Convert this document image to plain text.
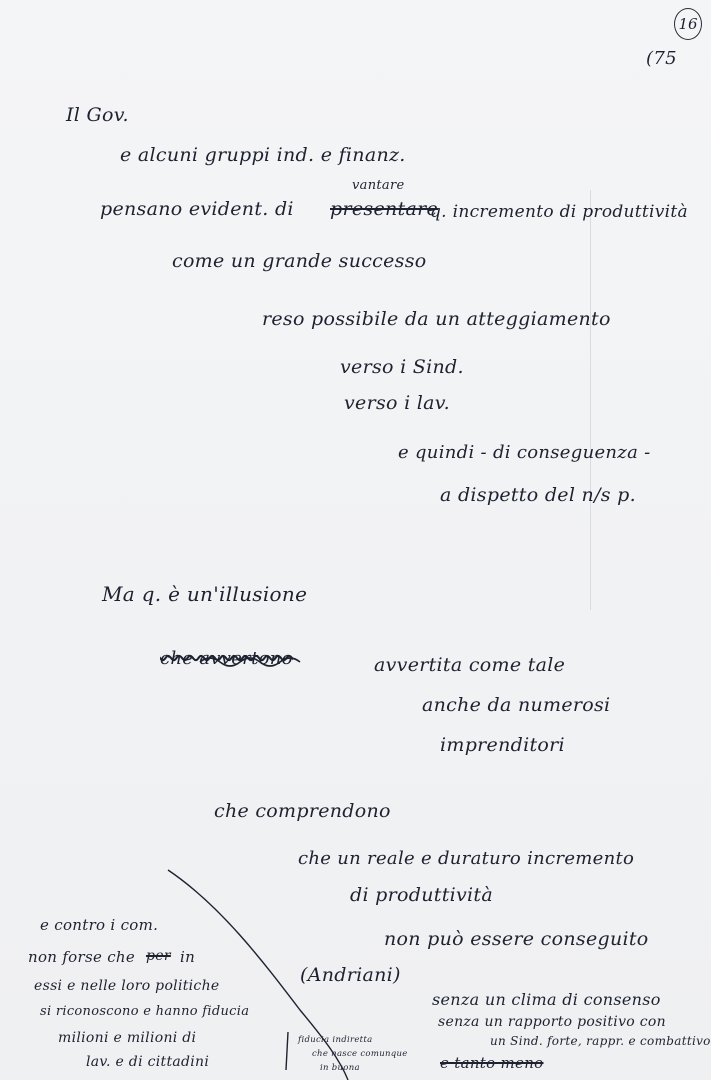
16
(75
Il Gov.
e alcuni gruppi ind. e finanz.
pensano evident. di
vantare
presentare
q. incremento di produttività
come un grande successo
reso possibile da un atteggiamento
verso i Sind.
verso i lav.
e quindi - di conseguenza -
a dispetto del n/s p.
Ma q. è un'illusione
che avvertono	avvertita come tale
anche da numerosi
imprenditori
che comprendono
che un reale e duraturo incremento
di produttività
non può essere conseguito
(Andriani)
senza un clima di consenso
senza un rapporto positivo con
un Sind. forte, rappr. e combattivo
e tanto meno
e contro i com.
non forse che per in
essi e nelle loro politiche
si riconoscono e hanno fiducia
milioni e milioni di
lav. e di cittadini
fiducia indiretta
che nasce comunque
in buona
